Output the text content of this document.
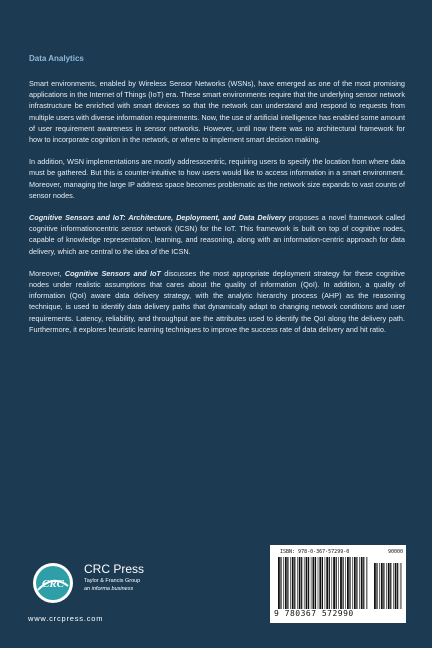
Data Analytics

Smart environments, enabled by Wireless Sensor Networks (WSNs), have emerged as one of the most promising applications in the Internet of Things (IoT) era. These smart environments require that the underlying sensor network infrastructure be enriched with smart devices so that the network can understand and respond to requests from multiple users with diverse information requirements. Now, the use of artificial intelligence has enabled some amount of user requirement awareness in sensor networks. However, until now there was no architectural framework for how to incorporate cognition in the network, or where to implement smart decision making.

In addition, WSN implementations are mostly addresscentric, requiring users to specify the location from where data must be gathered. But this is counter-intuitive to how users would like to access information in a smart environment. Moreover, managing the large IP address space becomes problematic as the network size expands to vast counts of sensor nodes.

Cognitive Sensors and IoT: Architecture, Deployment, and Data Delivery proposes a novel framework called cognitive informationcentric sensor network (ICSN) for the IoT. This framework is built on top of cognitive nodes, capable of knowledge representation, learning, and reasoning, along with an information-centric approach for data delivery, which are central to the idea of the ICSN.

Moreover, Cognitive Sensors and IoT discusses the most appropriate deployment strategy for these cognitive nodes under realistic assumptions that cares about the quality of information (QoI). In addition, a quality of information (QoI) aware data delivery strategy, with the analytic hierarchy process (AHP) as the reasoning technique, is used to identify data delivery paths that dynamically adapt to changing network conditions and user requirements. Latency, reliability, and throughput are the attributes used to identify the QoI along the delivery path. Furthermore, it explores heuristic learning techniques to improve the success rate of data delivery and hit ratio.

CRC
CRC Press
Taylor & Francis Group
an informa business
www.crcpress.com
ISBN: 978-0-367-57299-0	90000
9 780367 572990
